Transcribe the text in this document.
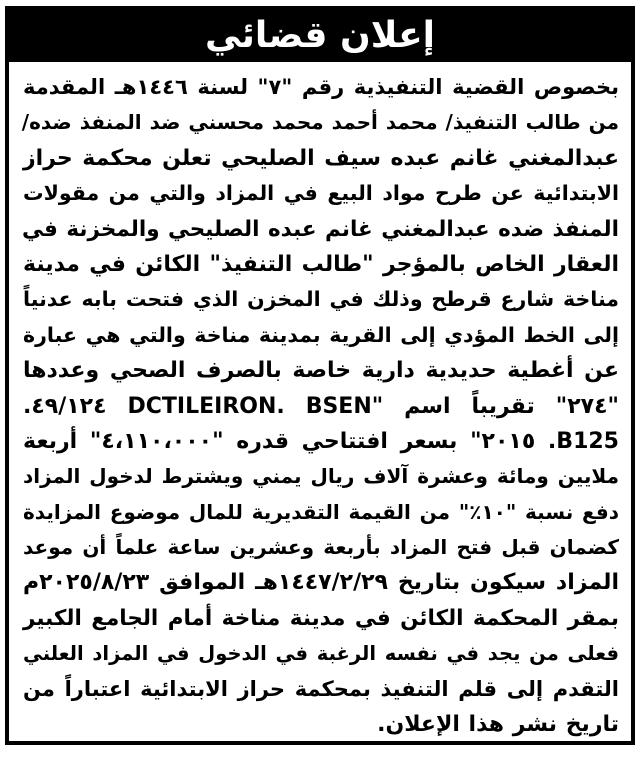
إعلان قضائي
بخصوص القضية التنفيذية رقم "٧" لسنة ١٤٤٦هـ المقدمة
من طالب التنفيذ/ محمد أحمد محمد محسني ضد المنفذ ضده/
عبدالمغني غانم عبده سيف الصليحي تعلن محكمة حراز
الابتدائية عن طرح مواد البيع في المزاد والتي من مقولات
المنفذ ضده عبدالمغني غانم عبده الصليحي والمخزنة في
العقار الخاص بالمؤجر "طالب التنفيذ" الكائن في مدينة
مناخة شارع قرطح وذلك في المخزن الذي فتحت بابه عدنياً
إلى الخط المؤدي إلى القرية بمدينة مناخة والتي هي عبارة
عن أغطية حديدية دارية خاصة بالصرف الصحي وعددها
"٢٧٤" تقريباً اسم "DCTILEIRON. BSEN ٤٩/١٢٤.
B125. ٢٠١٥" بسعر افتتاحي قدره "٤،١١٠،٠٠٠" أربعة
ملايين ومائة وعشرة آلاف ريال يمني ويشترط لدخول المزاد
دفع نسبة "١٠٪" من القيمة التقديرية للمال موضوع المزايدة
كضمان قبل فتح المزاد بأربعة وعشرين ساعة علماً أن موعد
المزاد سيكون بتاريخ ١٤٤٧/٢/٢٩هـ الموافق ٢٠٢٥/٨/٢٣م
بمقر المحكمة الكائن في مدينة مناخة أمام الجامع الكبير
فعلى من يجد في نفسه الرغبة في الدخول في المزاد العلني
التقدم إلى قلم التنفيذ بمحكمة حراز الابتدائية اعتباراً من
تاريخ نشر هذا الإعلان.
